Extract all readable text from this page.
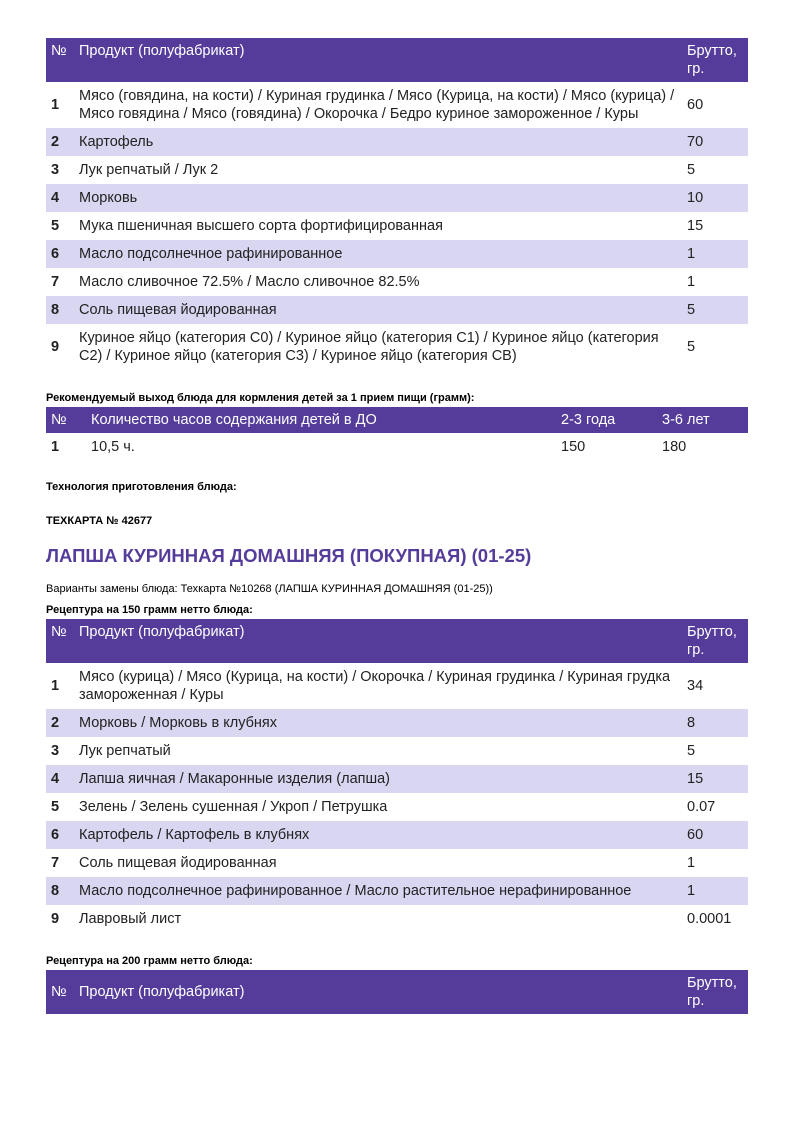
№	Продукт (полуфабрикат)	Брутто, гр.
1	Мясо (говядина, на кости) / Куриная грудинка / Мясо (Курица, на кости) / Мясо (курица) / Мясо говядина / Мясо (говядина) / Окорочка / Бедро куриное замороженное / Куры	60
2	Картофель	70
3	Лук репчатый / Лук 2	5
4	Морковь	10
5	Мука пшеничная высшего сорта фортифицированная	15
6	Масло подсолнечное рафинированное	1
7	Масло сливочное 72.5% / Масло сливочное 82.5%	1
8	Соль пищевая йодированная	5
9	Куриное яйцо (категория С0) / Куриное яйцо (категория С1) / Куриное яйцо (категория С2) / Куриное яйцо (категория С3) / Куриное яйцо (категория СВ)	5

Рекомендуемый выход блюда для кормления детей за 1 прием пищи (грамм):

№	Количество часов содержания детей в ДО	2-3 года	3-6 лет
1	10,5 ч.	150	180

Технология приготовления блюда:

ТЕХКАРТА № 42677

ЛАПША КУРИННАЯ ДОМАШНЯЯ (ПОКУПНАЯ) (01-25)

Варианты замены блюда: Техкарта №10268 (ЛАПША КУРИННАЯ ДОМАШНЯЯ (01-25))

Рецептура на 150 грамм нетто блюда:

№	Продукт (полуфабрикат)	Брутто, гр.
1	Мясо (курица) / Мясо (Курица, на кости) / Окорочка / Куриная грудинка / Куриная грудка замороженная / Куры	34
2	Морковь / Морковь в клубнях	8
3	Лук репчатый	5
4	Лапша яичная / Макаронные изделия (лапша)	15
5	Зелень / Зелень сушенная / Укроп / Петрушка	0.07
6	Картофель / Картофель в клубнях	60
7	Соль пищевая йодированная	1
8	Масло подсолнечное рафинированное / Масло растительное нерафинированное	1
9	Лавровый лист	0.0001

Рецептура на 200 грамм нетто блюда:

№	Продукт (полуфабрикат)	Брутто, гр.
